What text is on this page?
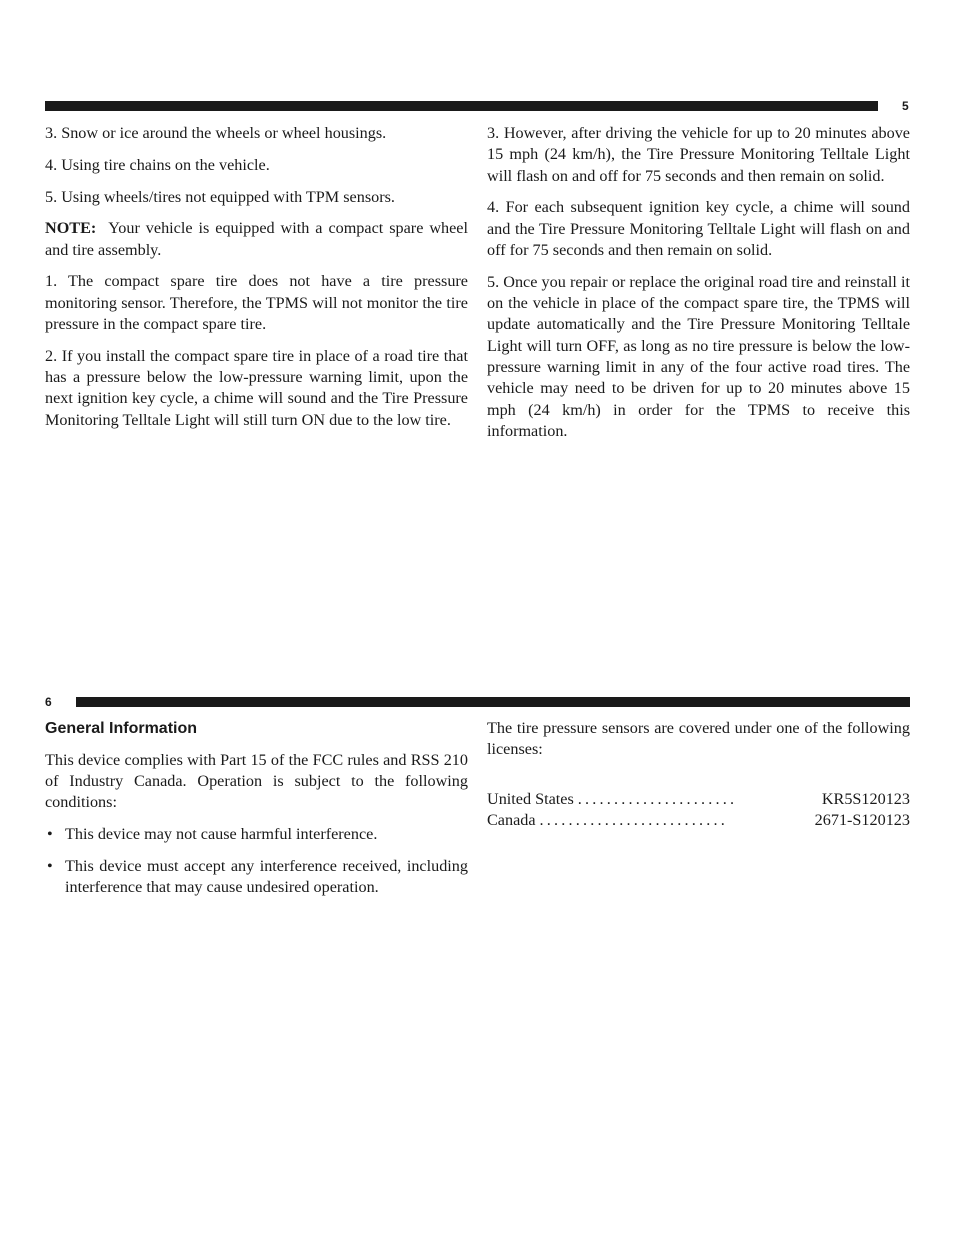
5

3. Snow or ice around the wheels or wheel housings.

4. Using tire chains on the vehicle.

5. Using wheels/tires not equipped with TPM sensors.

NOTE: Your vehicle is equipped with a compact spare wheel and tire assembly.

1. The compact spare tire does not have a tire pressure monitoring sensor. Therefore, the TPMS will not monitor the tire pressure in the compact spare tire.

2. If you install the compact spare tire in place of a road tire that has a pressure below the low-pressure warning limit, upon the next ignition key cycle, a chime will sound and the Tire Pressure Monitoring Telltale Light will still turn ON due to the low tire.

3. However, after driving the vehicle for up to 20 minutes above 15 mph (24 km/h), the Tire Pressure Monitoring Telltale Light will flash on and off for 75 seconds and then remain on solid.

4. For each subsequent ignition key cycle, a chime will sound and the Tire Pressure Monitoring Telltale Light will flash on and off for 75 seconds and then remain on solid.

5. Once you repair or replace the original road tire and reinstall it on the vehicle in place of the compact spare tire, the TPMS will update automatically and the Tire Pressure Monitoring Telltale Light will turn OFF, as long as no tire pressure is below the low-pressure warning limit in any of the four active road tires. The vehicle may need to be driven for up to 20 minutes above 15 mph (24 km/h) in order for the TPMS to receive this information.

6

General Information

This device complies with Part 15 of the FCC rules and RSS 210 of Industry Canada. Operation is subject to the following conditions:

• This device may not cause harmful interference.
• This device must accept any interference received, including interference that may cause undesired operation.

The tire pressure sensors are covered under one of the following licenses:

United States ......................	KR5S120123
Canada ..........................	2671-S120123
